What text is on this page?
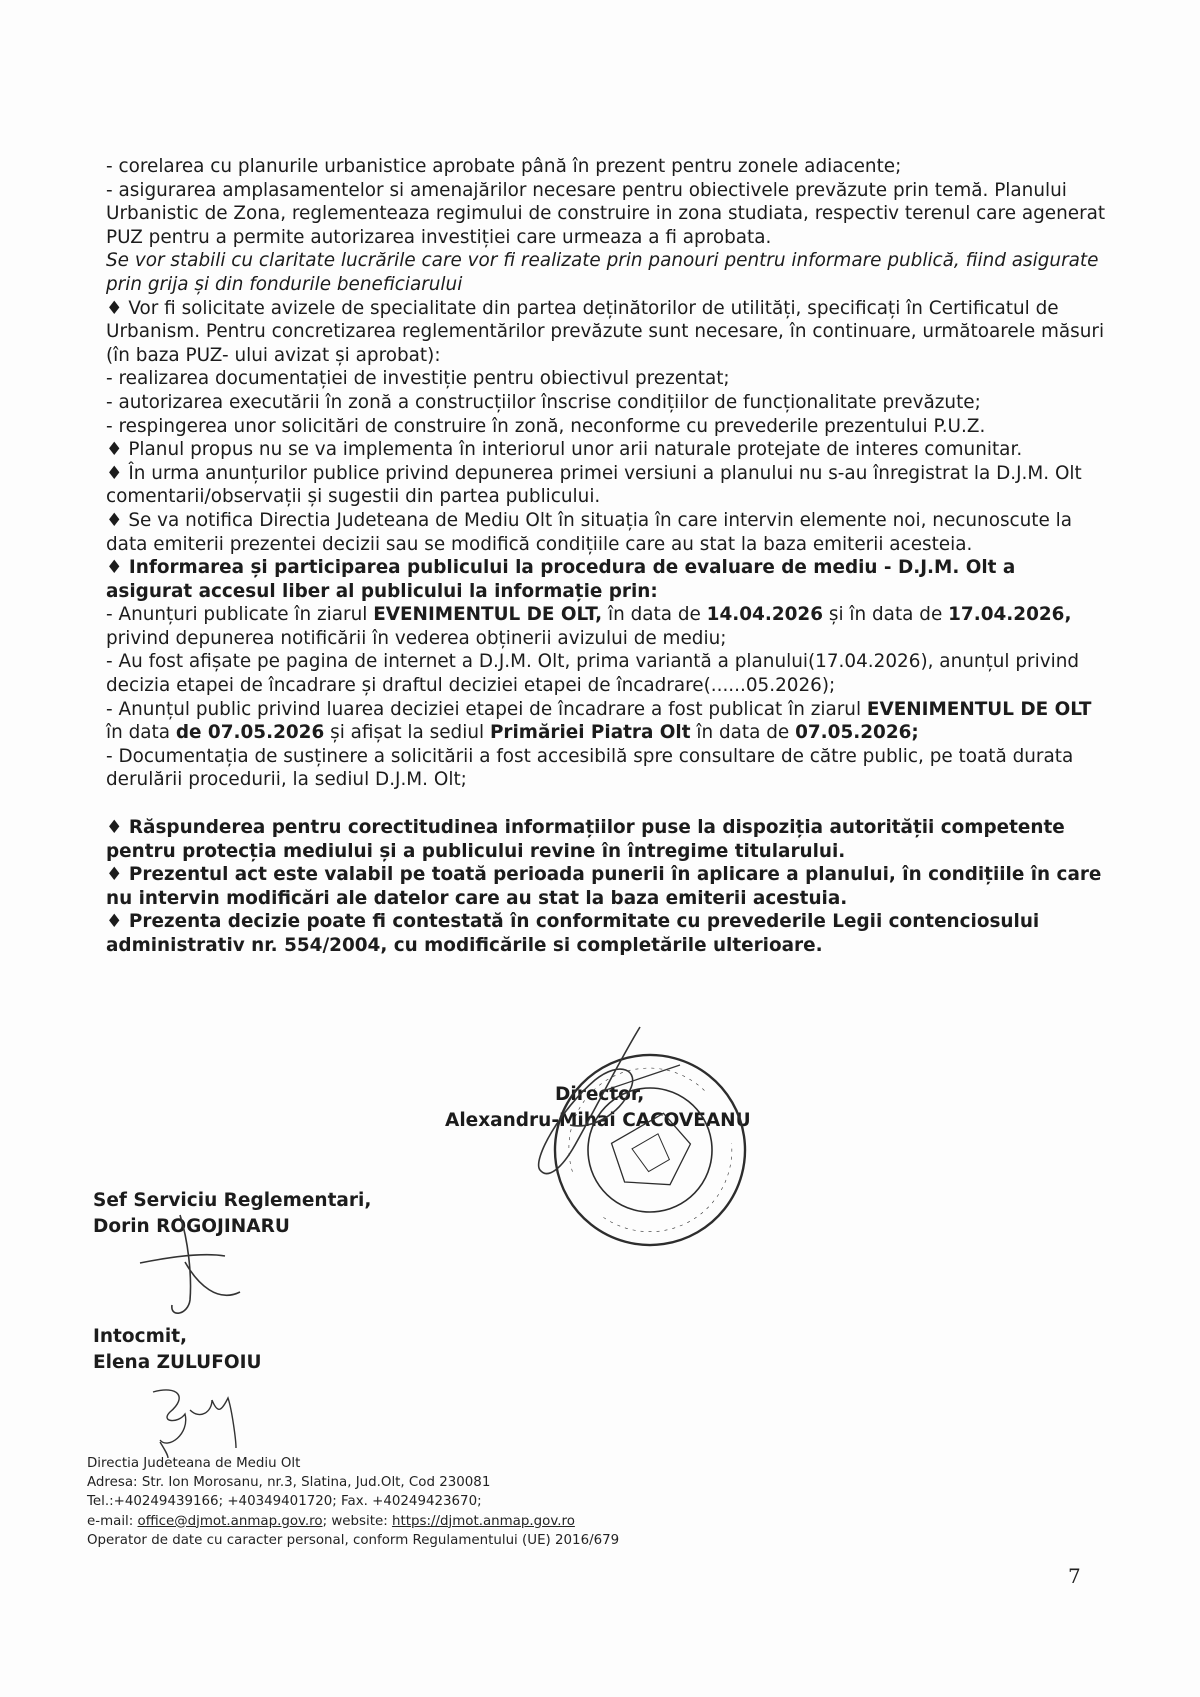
- corelarea cu planurile urbanistice aprobate până în prezent pentru zonele adiacente;

- asigurarea amplasamentelor si amenajărilor necesare pentru obiectivele prevăzute prin temă. Planului Urbanistic de Zona, reglementeaza regimului de construire in zona studiata, respectiv terenul care agenerat PUZ pentru a permite autorizarea investiției care urmeaza a fi aprobata.

Se vor stabili cu claritate lucrările care vor fi realizate prin panouri pentru informare publică, fiind asigurate prin grija și din fondurile beneficiarului

♦ Vor fi solicitate avizele de specialitate din partea deținătorilor de utilități, specificați în Certificatul de Urbanism. Pentru concretizarea reglementărilor prevăzute sunt necesare, în continuare, următoarele măsuri (în baza PUZ- ului avizat și aprobat):

- realizarea documentației de investiție pentru obiectivul prezentat;

- autorizarea executării în zonă a construcțiilor înscrise condițiilor de funcționalitate prevăzute;

- respingerea unor solicitări de construire în zonă, neconforme cu prevederile prezentului P.U.Z.

♦ Planul propus nu se va implementa în interiorul unor arii naturale protejate de interes comunitar.

♦ În urma anunțurilor publice privind depunerea primei versiuni a planului nu s-au înregistrat la D.J.M. Olt comentarii/observații și sugestii din partea publicului.

♦ Se va notifica Directia Judeteana de Mediu Olt în situația în care intervin elemente noi, necunoscute la data emiterii prezentei decizii sau se modifică condițiile care au stat la baza emiterii acesteia.

♦ Informarea și participarea publicului la procedura de evaluare de mediu - D.J.M. Olt a asigurat accesul liber al publicului la informație prin:

- Anunțuri publicate în ziarul EVENIMENTUL DE OLT, în data de 14.04.2026 și în data de 17.04.2026, privind depunerea notificării în vederea obținerii avizului de mediu;

- Au fost afișate pe pagina de internet a D.J.M. Olt, prima variantă a planului(17.04.2026), anunțul privind decizia etapei de încadrare și draftul deciziei etapei de încadrare(......05.2026);

- Anunțul public privind luarea deciziei etapei de încadrare a fost publicat în ziarul EVENIMENTUL DE OLT în data de 07.05.2026 și afișat la sediul Primăriei Piatra Olt în data de 07.05.2026;

- Documentația de susținere a solicitării a fost accesibilă spre consultare de către public, pe toată durata derulării procedurii, la sediul D.J.M. Olt;

♦ Răspunderea pentru corectitudinea informațiilor puse la dispoziția autorității competente pentru protecția mediului și a publicului revine în întregime titularului.

♦ Prezentul act este valabil pe toată perioada punerii în aplicare a planului, în condițiile în care nu intervin modificări ale datelor care au stat la baza emiterii acestuia.

♦ Prezenta decizie poate fi contestată în conformitate cu prevederile Legii contenciosului administrativ nr. 554/2004, cu modificările si completările ulterioare.

Director,
Alexandru-Mihai CACOVEANU
Sef Serviciu Reglementari,
Dorin ROGOJINARU
Intocmit,
Elena ZULUFOIU
Directia Judeteana de Mediu Olt
Adresa: Str. Ion Morosanu, nr.3, Slatina, Jud.Olt, Cod 230081
Tel.:+40249439166; +40349401720; Fax. +40249423670;
e-mail: office@djmot.anmap.gov.ro; website: https://djmot.anmap.gov.ro
Operator de date cu caracter personal, conform Regulamentului (UE) 2016/679
7
